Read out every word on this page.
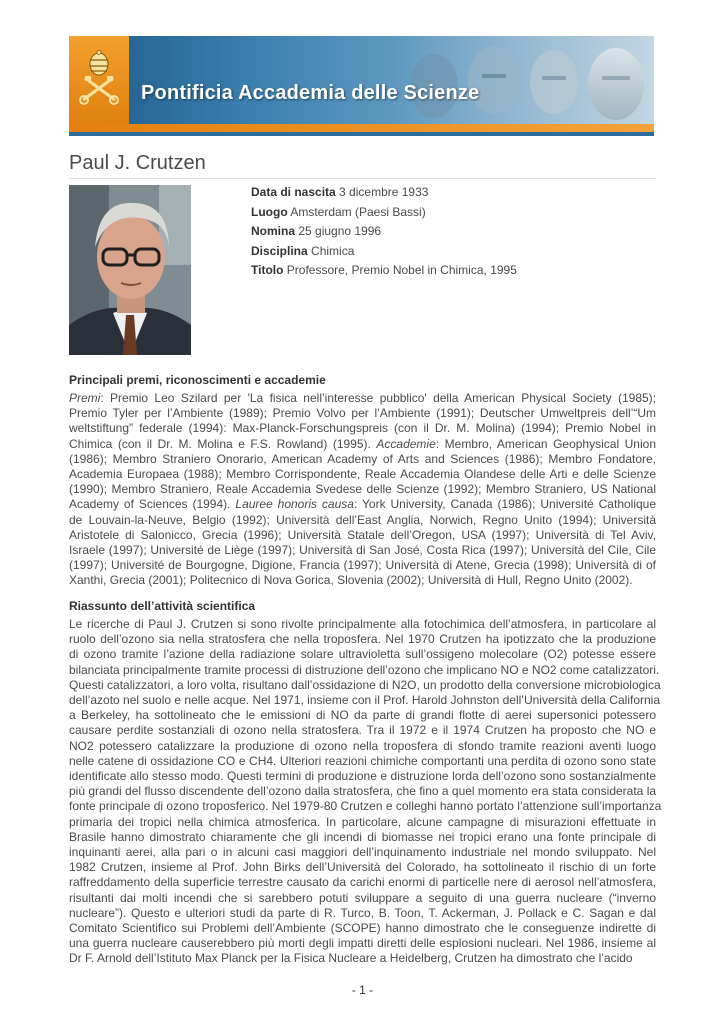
Pontificia Accademia delle Scienze
Paul J. Crutzen
Data di nascita 3 dicembre 1933
Luogo Amsterdam (Paesi Bassi)
Nomina 25 giugno 1996
Disciplina Chimica
Titolo Professore, Premio Nobel in Chimica, 1995
Principali premi, riconoscimenti e accademie
Premi: Premio Leo Szilard per 'La fisica nell’interesse pubblico' della American Physical Society (1985);
Premio Tyler per l’Ambiente (1989); Premio Volvo per l’Ambiente (1991); Deutscher Umweltpreis dell’“Um
weltstiftung” federale (1994): Max-Planck-Forschungspreis (con il Dr. M. Molina) (1994); Premio Nobel in
Chimica (con il Dr. M. Molina e F.S. Rowland) (1995). Accademie: Membro, American Geophysical Union
(1986); Membro Straniero Onorario, American Academy of Arts and Sciences (1986); Membro Fondatore,
Academia Europaea (1988); Membro Corrispondente, Reale Accademia Olandese delle Arti e delle Scienze
(1990); Membro Straniero, Reale Accademia Svedese delle Scienze (1992); Membro Straniero, US National
Academy of Sciences (1994). Lauree honoris causa: York University, Canada (1986); Université Catholique
de Louvain-la-Neuve, Belgio (1992); Università dell’East Anglia, Norwich, Regno Unito (1994); Università
Aristotele di Salonicco, Grecia (1996); Università Statale dell’Oregon, USA (1997); Università di Tel Aviv,
Israele (1997); Université de Liège (1997); Università di San José, Costa Rica (1997); Università del Cile, Cile
(1997); Université de Bourgogne, Digione, Francia (1997); Università di Atene, Grecia (1998); Università di of
Xanthi, Grecia (2001); Politecnico di Nova Gorica, Slovenia (2002); Università di Hull, Regno Unito (2002).
Riassunto dell’attività scientifica
Le ricerche di Paul J. Crutzen si sono rivolte principalmente alla fotochimica dell’atmosfera, in particolare al
ruolo dell’ozono sia nella stratosfera che nella troposfera. Nel 1970 Crutzen ha ipotizzato che la produzione
di ozono tramite l’azione della radiazione solare ultravioletta sull’ossigeno molecolare (O2) potesse essere
bilanciata principalmente tramite processi di distruzione dell’ozono che implicano NO e NO2 come catalizzatori.
Questi catalizzatori, a loro volta, risultano dall’ossidazione di N2O, un prodotto della conversione microbiologica
dell’azoto nel suolo e nelle acque. Nel 1971, insieme con il Prof. Harold Johnston dell’Università della California
a Berkeley, ha sottolineato che le emissioni di NO da parte di grandi flotte di aerei supersonici potessero
causare perdite sostanziali di ozono nella stratosfera. Tra il 1972 e il 1974 Crutzen ha proposto che NO e
NO2 potessero catalizzare la produzione di ozono nella troposfera di sfondo tramite reazioni aventi luogo
nelle catene di ossidazione CO e CH4. Ulteriori reazioni chimiche comportanti una perdita di ozono sono state
identificate allo stesso modo. Questi termini di produzione e distruzione lorda dell’ozono sono sostanzialmente
più grandi del flusso discendente dell’ozono dalla stratosfera, che fino a quel momento era stata considerata la
fonte principale di ozono troposferico. Nel 1979-80 Crutzen e colleghi hanno portato l’attenzione sull’importanza
primaria dei tropici nella chimica atmosferica. In particolare, alcune campagne di misurazioni effettuate in
Brasile hanno dimostrato chiaramente che gli incendi di biomasse nei tropici erano una fonte principale di
inquinanti aerei, alla pari o in alcuni casi maggiori dell’inquinamento industriale nel mondo sviluppato. Nel
1982 Crutzen, insieme al Prof. John Birks dell’Università del Colorado, ha sottolineato il rischio di un forte
raffreddamento della superficie terrestre causato da carichi enormi di particelle nere di aerosol nell’atmosfera,
risultanti dai molti incendi che si sarebbero potuti sviluppare a seguito di una guerra nucleare (“inverno
nucleare”). Questo e ulteriori studi da parte di R. Turco, B. Toon, T. Ackerman, J. Pollack e C. Sagan e dal
Comitato Scientifico sui Problemi dell’Ambiente (SCOPE) hanno dimostrato che le conseguenze indirette di
una guerra nucleare causerebbero più morti degli impatti diretti delle esplosioni nucleari. Nel 1986, insieme al
Dr F. Arnold dell’Istituto Max Planck per la Fisica Nucleare a Heidelberg, Crutzen ha dimostrato che l’acido
- 1 -
